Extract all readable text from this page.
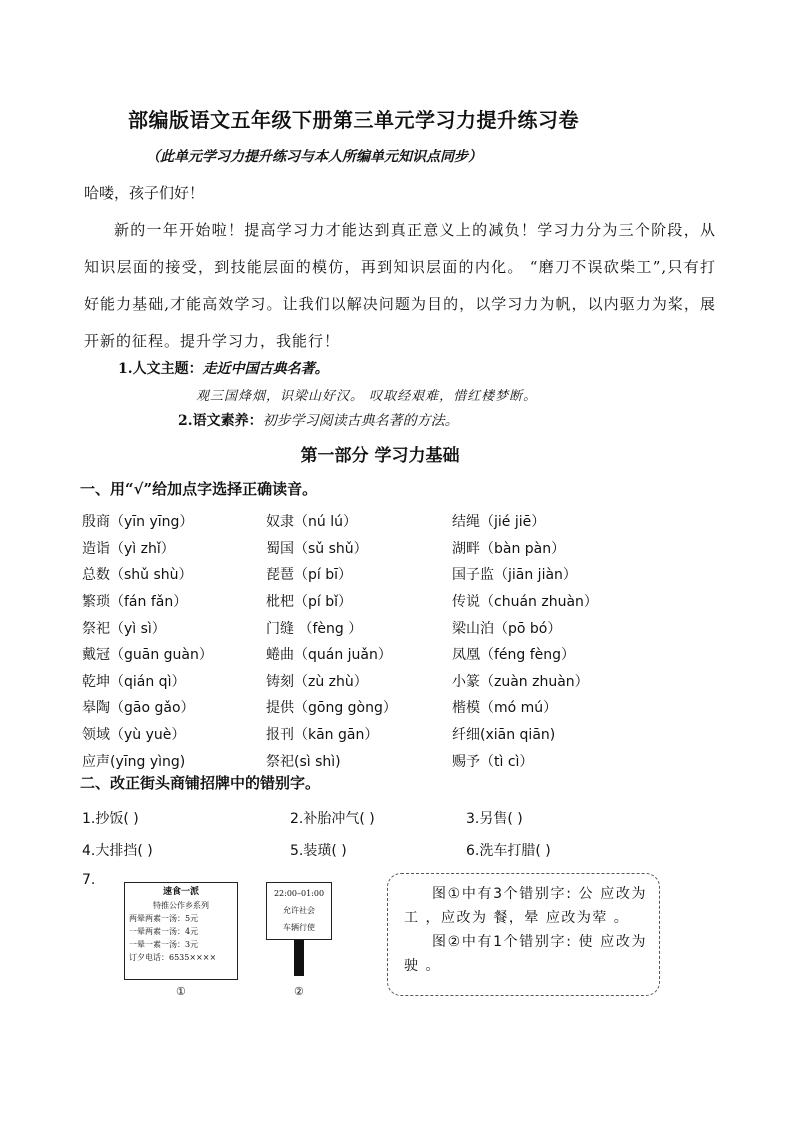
部编版语文五年级下册第三单元学习力提升练习卷
（此单元学习力提升练习与本人所编单元知识点同步）
哈喽，孩子们好！
新的一年开始啦！提高学习力才能达到真正意义上的减负！学习力分为三个阶段，从知识层面的接受，到技能层面的模仿，再到知识层面的内化。 “磨刀不误砍柴工”,只有打好能力基础,才能高效学习。让我们以解决问题为目的，以学习力为帆，以内驱力为桨，展开新的征程。提升学习力，我能行！
1.人文主题：走近中国古典名著。
观三国烽烟，识梁山好汉。 叹取经艰难，惜红楼梦断。
2.语文素养：初步学习阅读古典名著的方法。
第一部分 学习力基础
一、用“√”给加点字选择正确读音。
殷商（yīn yīng）	奴隶（nú lú）	结绳（jié jiē）
造诣（yì zhǐ）	蜀国（sǔ shǔ）	湖畔（bàn pàn）
总数（shǔ shù）	琵琶（pí bī）	国子监（jiān jiàn）
繁琐（fán fǎn）	枇杷（pí bǐ）	传说（chuán zhuàn）
祭祀（yì sì）	门缝 （fèng ）	梁山泊（pō bó）
戴冠（guān guàn）	蜷曲（quán juǎn）	凤凰（féng fèng）
乾坤（qián qì）	铸刻（zù zhù）	小篆（zuàn zhuàn）
皋陶（gāo gǎo）	提供（gōng gòng）	楷模（mó mú）
领域（yù yuè）	报刊（kān gān）	纤细(xiān qiān)
应声(yīng yìng)	祭祀(sì shì)	赐予（tì cì）
二、改正街头商铺招牌中的错别字。
1.抄饭( )	2.补胎冲气( )	3.另售( )
4.大排挡( )	5.装璜( )	6.洗车打腊( )
7.
速食一派
特推公作乡系列
两晕两素一汤：5元
一晕两素一汤：4元
一晕一素一汤：3元
订夕电话：6535××××
①
22:00–01:00
允许社会
车辆行使
②

图①中有3个错别字: 公 应改为 工 ，应改为 餐，晕 应改为荤 。

图②中有1个错别字: 使 应改为 驶 。
